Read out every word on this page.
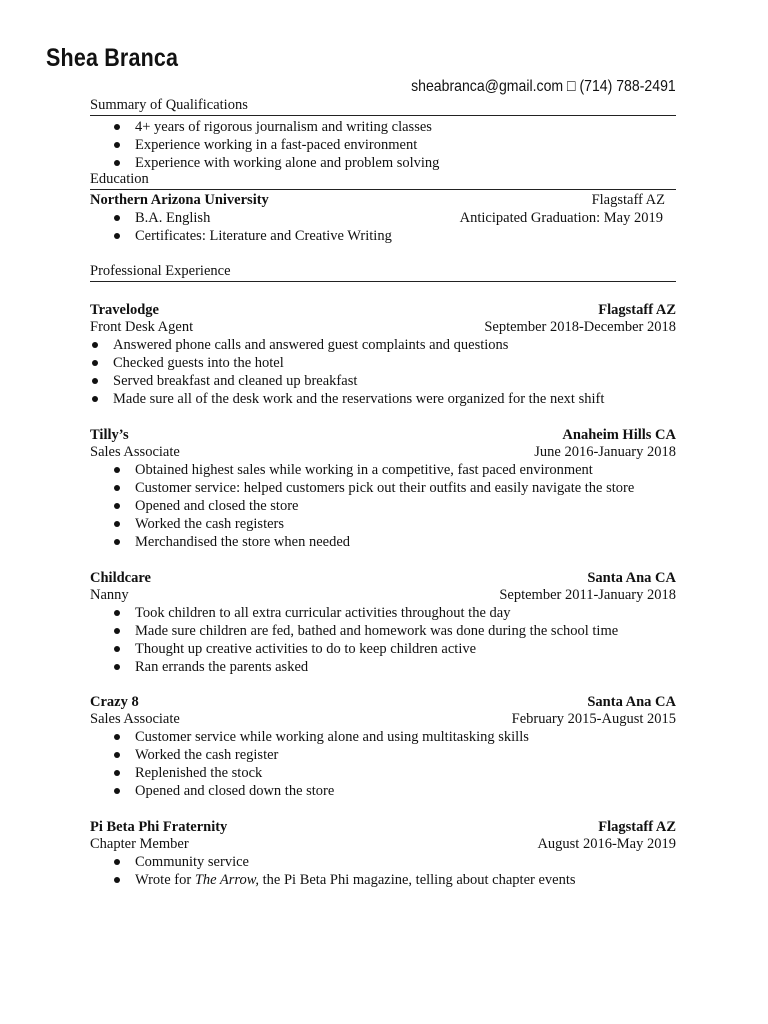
Shea Branca
sheabranca@gmail.com □ (714) 788-2491
Summary of Qualifications
4+ years of rigorous journalism and writing classes
Experience working in a fast-paced environment
Experience with working alone and problem solving
Education
Northern Arizona University	Flagstaff AZ
B.A. English	Anticipated Graduation: May 2019
Certificates: Literature and Creative Writing
Professional Experience
Travelodge	Flagstaff AZ
Front Desk Agent	September 2018-December 2018
Answered phone calls and answered guest complaints and questions
Checked guests into the hotel
Served breakfast and cleaned up breakfast
Made sure all of the desk work and the reservations were organized for the next shift
Tilly’s	Anaheim Hills CA
Sales Associate	June 2016-January 2018
Obtained highest sales while working in a competitive, fast paced environment
Customer service: helped customers pick out their outfits and easily navigate the store
Opened and closed the store
Worked the cash registers
Merchandised the store when needed
Childcare	Santa Ana CA
Nanny	September 2011-January 2018
Took children to all extra curricular activities throughout the day
Made sure children are fed, bathed and homework was done during the school time
Thought up creative activities to do to keep children active
Ran errands the parents asked
Crazy 8	Santa Ana CA
Sales Associate	February 2015-August 2015
Customer service while working alone and using multitasking skills
Worked the cash register
Replenished the stock
Opened and closed down the store
Pi Beta Phi Fraternity	Flagstaff AZ
Chapter Member	August 2016-May 2019
Community service
Wrote for The Arrow, the Pi Beta Phi magazine, telling about chapter events
